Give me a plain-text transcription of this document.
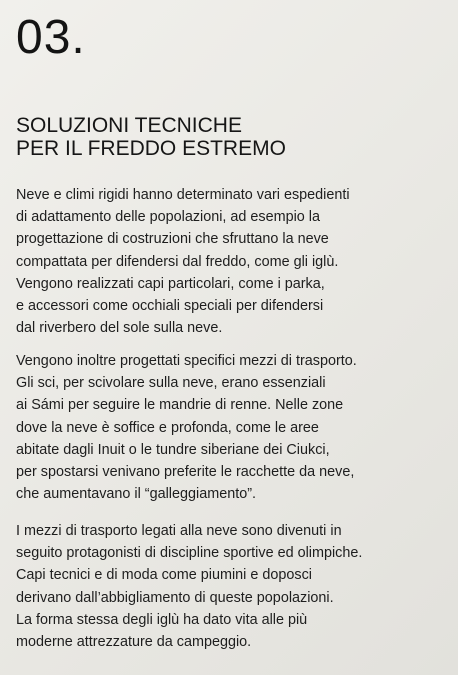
03.
SOLUZIONI TECNICHE
PER IL FREDDO ESTREMO
Neve e climi rigidi hanno determinato vari espedienti
di adattamento delle popolazioni, ad esempio la
progettazione di costruzioni che sfruttano la neve
compattata per difendersi dal freddo, come gli iglù.
Vengono realizzati capi particolari, come i parka,
e accessori come occhiali speciali per difendersi
dal riverbero del sole sulla neve.
Vengono inoltre progettati specifici mezzi di trasporto.
Gli sci, per scivolare sulla neve, erano essenziali
ai Sámi per seguire le mandrie di renne. Nelle zone
dove la neve è soffice e profonda, come le aree
abitate dagli Inuit o le tundre siberiane dei Ciukci,
per spostarsi venivano preferite le racchette da neve,
che aumentavano il “galleggiamento”.
I mezzi di trasporto legati alla neve sono divenuti in
seguito protagonisti di discipline sportive ed olimpiche.
Capi tecnici e di moda come piumini e doposci
derivano dall’abbigliamento di queste popolazioni.
La forma stessa degli iglù ha dato vita alle più
moderne attrezzature da campeggio.
